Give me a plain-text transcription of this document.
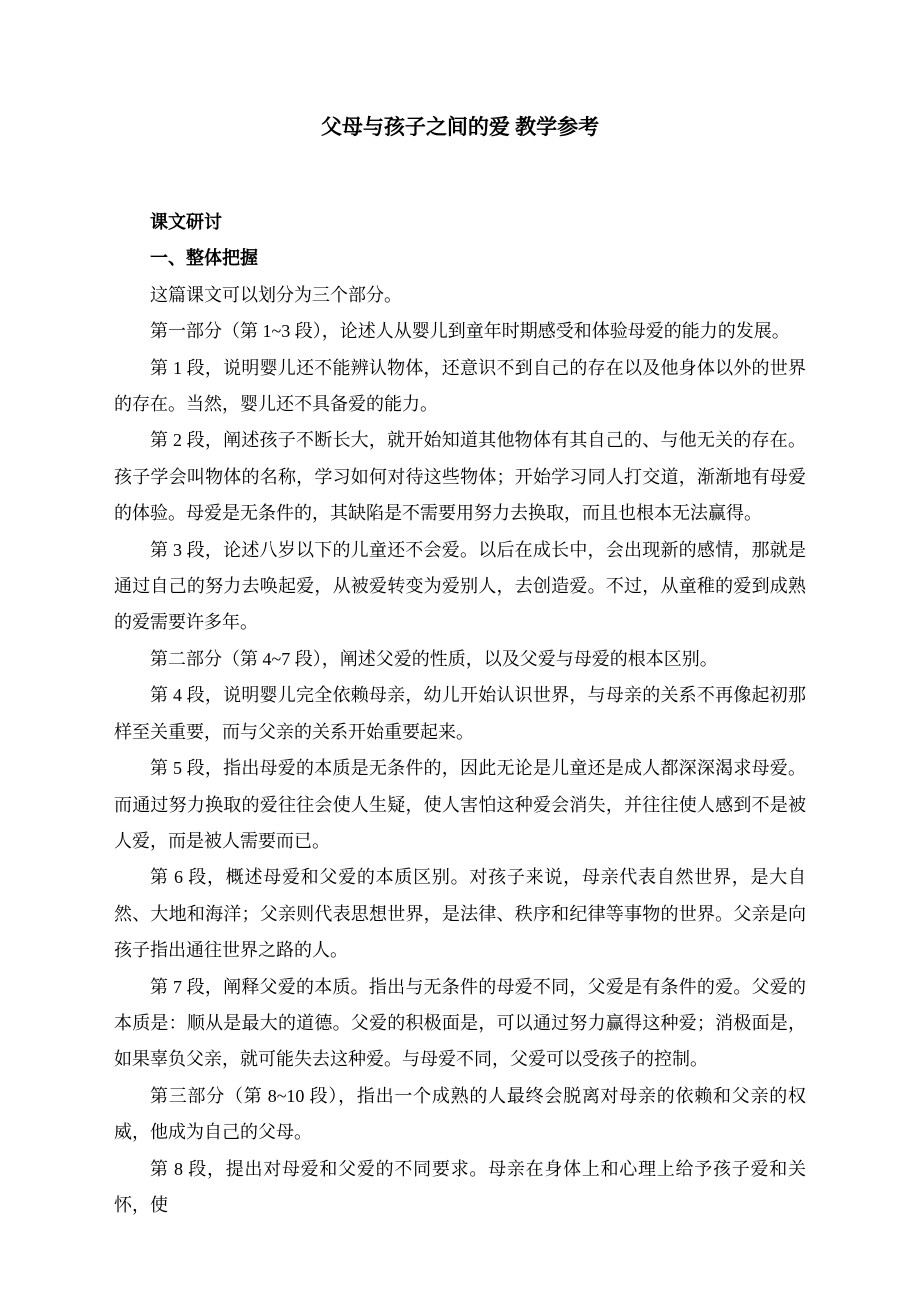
父母与孩子之间的爱 教学参考

课文研讨

一、整体把握

这篇课文可以划分为三个部分。

第一部分（第 1~3 段），论述人从婴儿到童年时期感受和体验母爱的能力的发展。

第 1 段，说明婴儿还不能辨认物体，还意识不到自己的存在以及他身体以外的世界的存在。当然，婴儿还不具备爱的能力。

第 2 段，阐述孩子不断长大，就开始知道其他物体有其自己的、与他无关的存在。孩子学会叫物体的名称，学习如何对待这些物体；开始学习同人打交道，渐渐地有母爱的体验。母爱是无条件的，其缺陷是不需要用努力去换取，而且也根本无法赢得。

第 3 段，论述八岁以下的儿童还不会爱。以后在成长中，会出现新的感情，那就是通过自己的努力去唤起爱，从被爱转变为爱别人，去创造爱。不过，从童稚的爱到成熟的爱需要许多年。

第二部分（第 4~7 段），阐述父爱的性质，以及父爱与母爱的根本区别。

第 4 段，说明婴儿完全依赖母亲，幼儿开始认识世界，与母亲的关系不再像起初那样至关重要，而与父亲的关系开始重要起来。

第 5 段，指出母爱的本质是无条件的，因此无论是儿童还是成人都深深渴求母爱。而通过努力换取的爱往往会使人生疑，使人害怕这种爱会消失，并往往使人感到不是被人爱，而是被人需要而已。

第 6 段，概述母爱和父爱的本质区别。对孩子来说，母亲代表自然世界，是大自然、大地和海洋；父亲则代表思想世界，是法律、秩序和纪律等事物的世界。父亲是向孩子指出通往世界之路的人。

第 7 段，阐释父爱的本质。指出与无条件的母爱不同，父爱是有条件的爱。父爱的本质是：顺从是最大的道德。父爱的积极面是，可以通过努力赢得这种爱；消极面是，如果辜负父亲，就可能失去这种爱。与母爱不同，父爱可以受孩子的控制。

第三部分（第 8~10 段），指出一个成熟的人最终会脱离对母亲的依赖和父亲的权威，他成为自己的父母。

第 8 段，提出对母爱和父爱的不同要求。母亲在身体上和心理上给予孩子爱和关怀，使
